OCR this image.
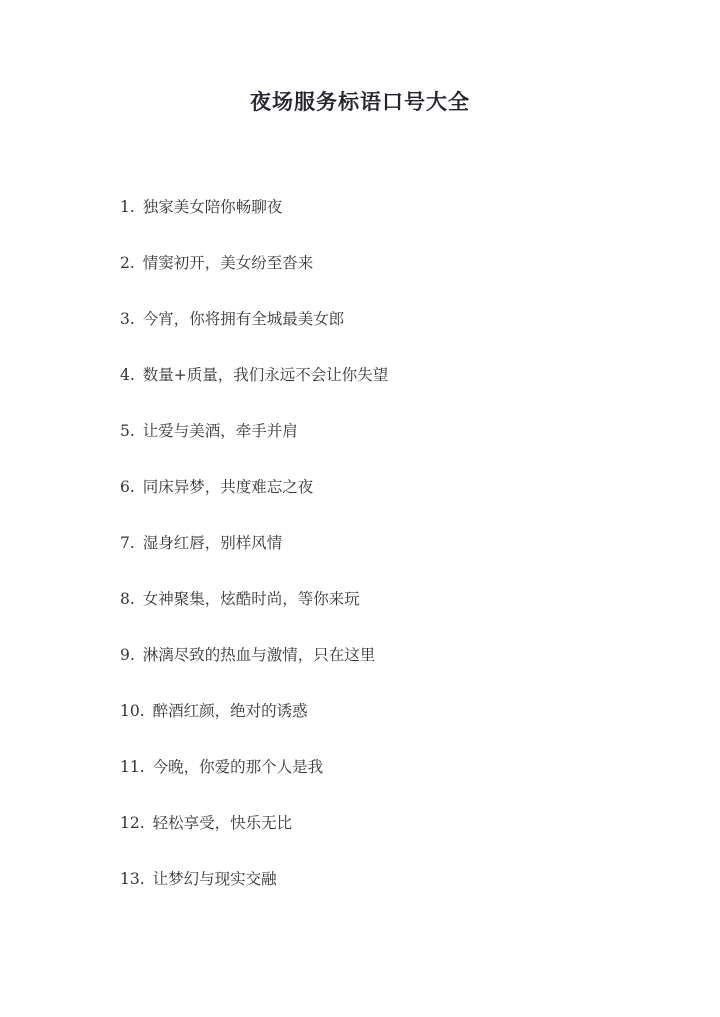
夜场服务标语口号大全
1. 独家美女陪你畅聊夜
2. 情窦初开，美女纷至沓来
3. 今宵，你将拥有全城最美女郎
4. 数量+质量，我们永远不会让你失望
5. 让爱与美酒，牵手并肩
6. 同床异梦，共度难忘之夜
7. 湿身红唇，别样风情
8. 女神聚集，炫酷时尚，等你来玩
9. 淋漓尽致的热血与激情，只在这里
10. 醉酒红颜，绝对的诱惑
11. 今晚，你爱的那个人是我
12. 轻松享受，快乐无比
13. 让梦幻与现实交融
